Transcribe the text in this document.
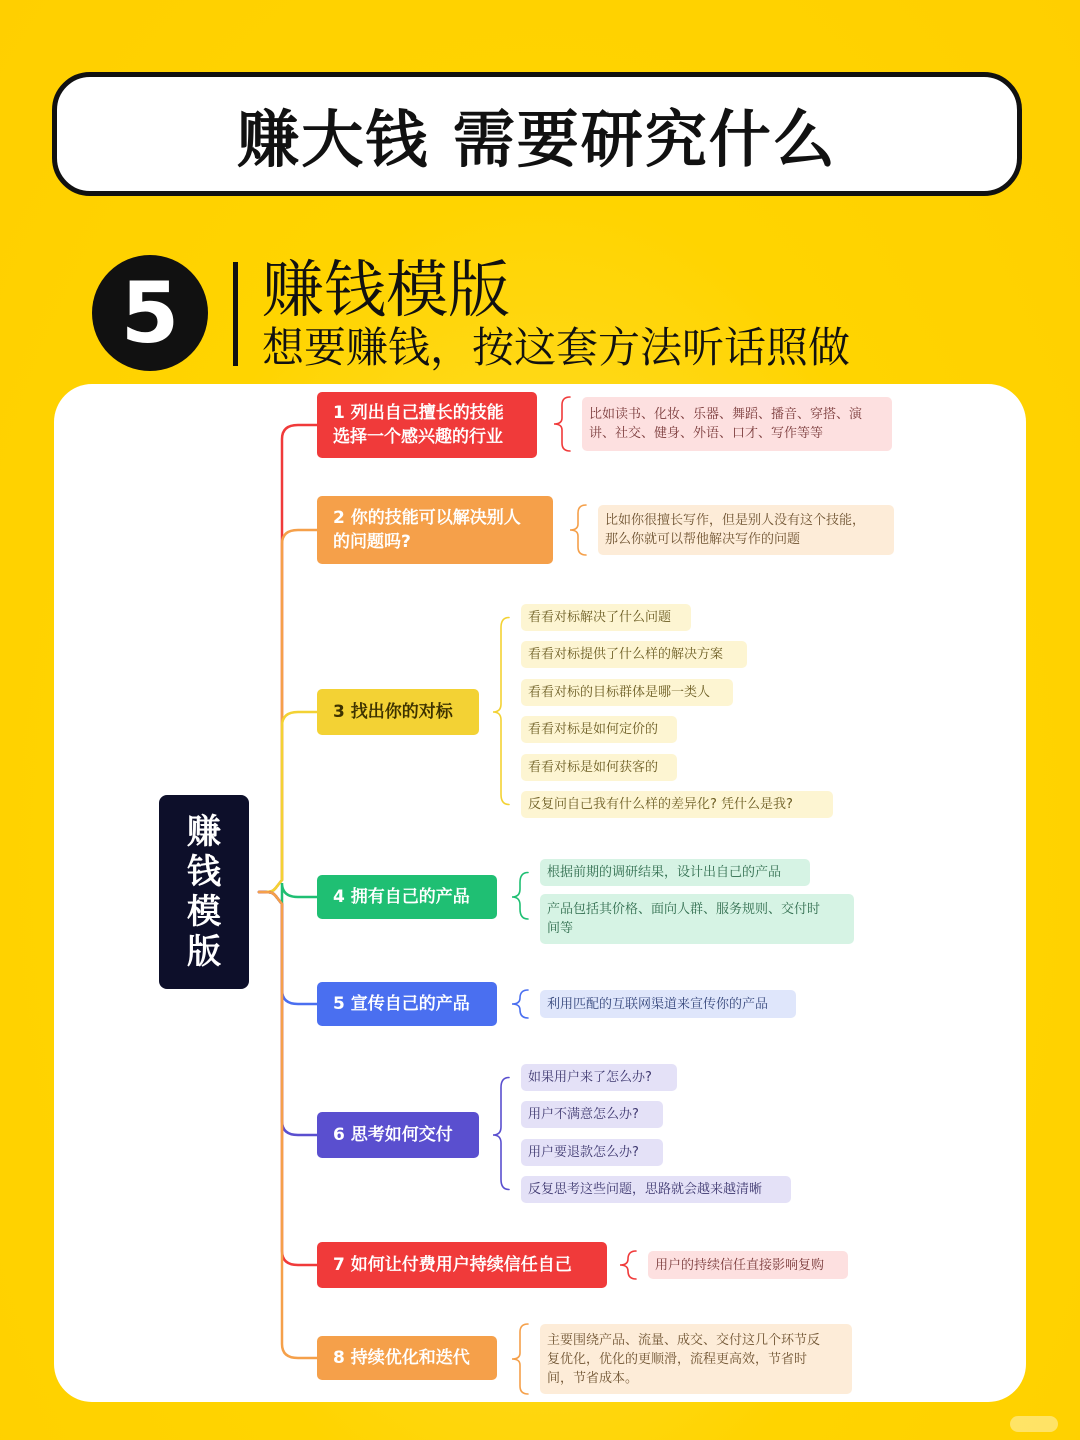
赚大钱 需要研究什么
5	赚钱模版
想要赚钱，按这套方法听话照做
赚
钱
模
版
1 列出自己擅长的技能
选择一个感兴趣的行业
比如读书、化妆、乐器、舞蹈、播音、穿搭、演
讲、社交、健身、外语、口才、写作等等
2 你的技能可以解决别人
的问题吗?
比如你很擅长写作，但是别人没有这个技能，
那么你就可以帮他解决写作的问题
3 找出你的对标
看看对标解决了什么问题
看看对标提供了什么样的解决方案
看看对标的目标群体是哪一类人
看看对标是如何定价的
看看对标是如何获客的
反复问自己我有什么样的差异化? 凭什么是我?
4 拥有自己的产品
根据前期的调研结果，设计出自己的产品
产品包括其价格、面向人群、服务规则、交付时
间等
5 宣传自己的产品	利用匹配的互联网渠道来宣传你的产品
6 思考如何交付
如果用户来了怎么办?
用户不满意怎么办?
用户要退款怎么办?
反复思考这些问题，思路就会越来越清晰
7 如何让付费用户持续信任自己	用户的持续信任直接影响复购
8 持续优化和迭代
主要围绕产品、流量、成交、交付这几个环节反
复优化，优化的更顺滑，流程更高效，节省时
间，节省成本。
